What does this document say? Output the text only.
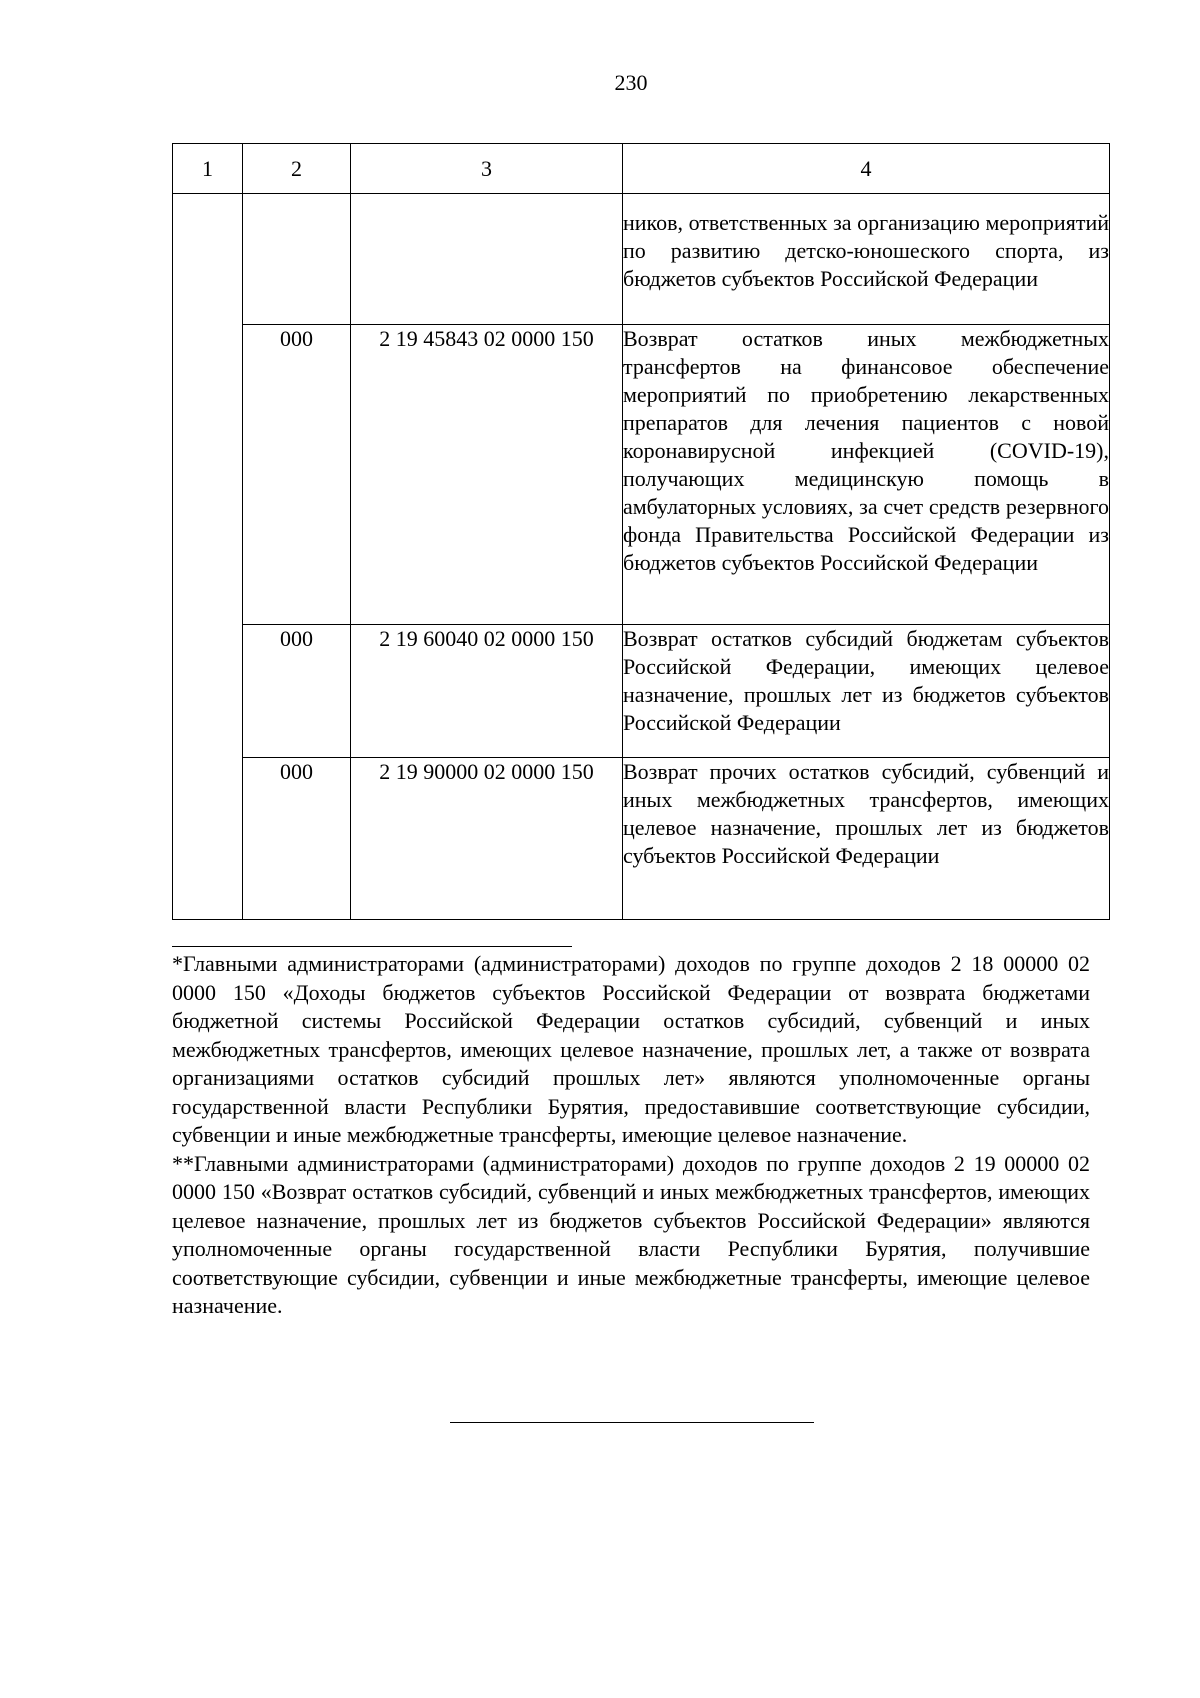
230
1	2	3	4
			ников, ответственных за организацию мероприятий по развитию детско-юношеского спорта, из бюджетов субъектов Российской Федерации
	000	2 19 45843 02 0000 150	Возврат остатков иных межбюджетных трансфертов на финансовое обеспечение мероприятий по приобретению лекарственных препаратов для лечения пациентов с новой коронавирусной инфекцией (COVID-19), получающих медицинскую помощь в амбулаторных условиях, за счет средств резервного фонда Правительства Российской Федерации из бюджетов субъектов Российской Федерации
	000	2 19 60040 02 0000 150	Возврат остатков субсидий бюджетам субъектов Российской Федерации, имеющих целевое назначение, прошлых лет из бюджетов субъектов Российской Федерации
	000	2 19 90000 02 0000 150	Возврат прочих остатков субсидий, субвенций и иных межбюджетных трансфертов, имеющих целевое назначение, прошлых лет из бюджетов субъектов Российской Федерации

*Главными администраторами (администраторами) доходов по группе доходов 2 18 00000 02 0000 150 «Доходы бюджетов субъектов Российской Федерации от возврата бюджетами бюджетной системы Российской Федерации остатков субсидий, субвенций и иных межбюджетных трансфертов, имеющих целевое назначение, прошлых лет, а также от возврата организациями остатков субсидий прошлых лет» являются уполномоченные органы государственной власти Республики Бурятия, предоставившие соответствующие субсидии, субвенции и иные межбюджетные трансферты, имеющие целевое назначение.

**Главными администраторами (администраторами) доходов по группе доходов 2 19 00000 02 0000 150 «Возврат остатков субсидий, субвенций и иных межбюджетных трансфертов, имеющих целевое назначение, прошлых лет из бюджетов субъектов Российской Федерации» являются уполномоченные органы государственной власти Республики Бурятия, получившие соответствующие субсидии, субвенции и иные межбюджетные трансферты, имеющие целевое назначение.
